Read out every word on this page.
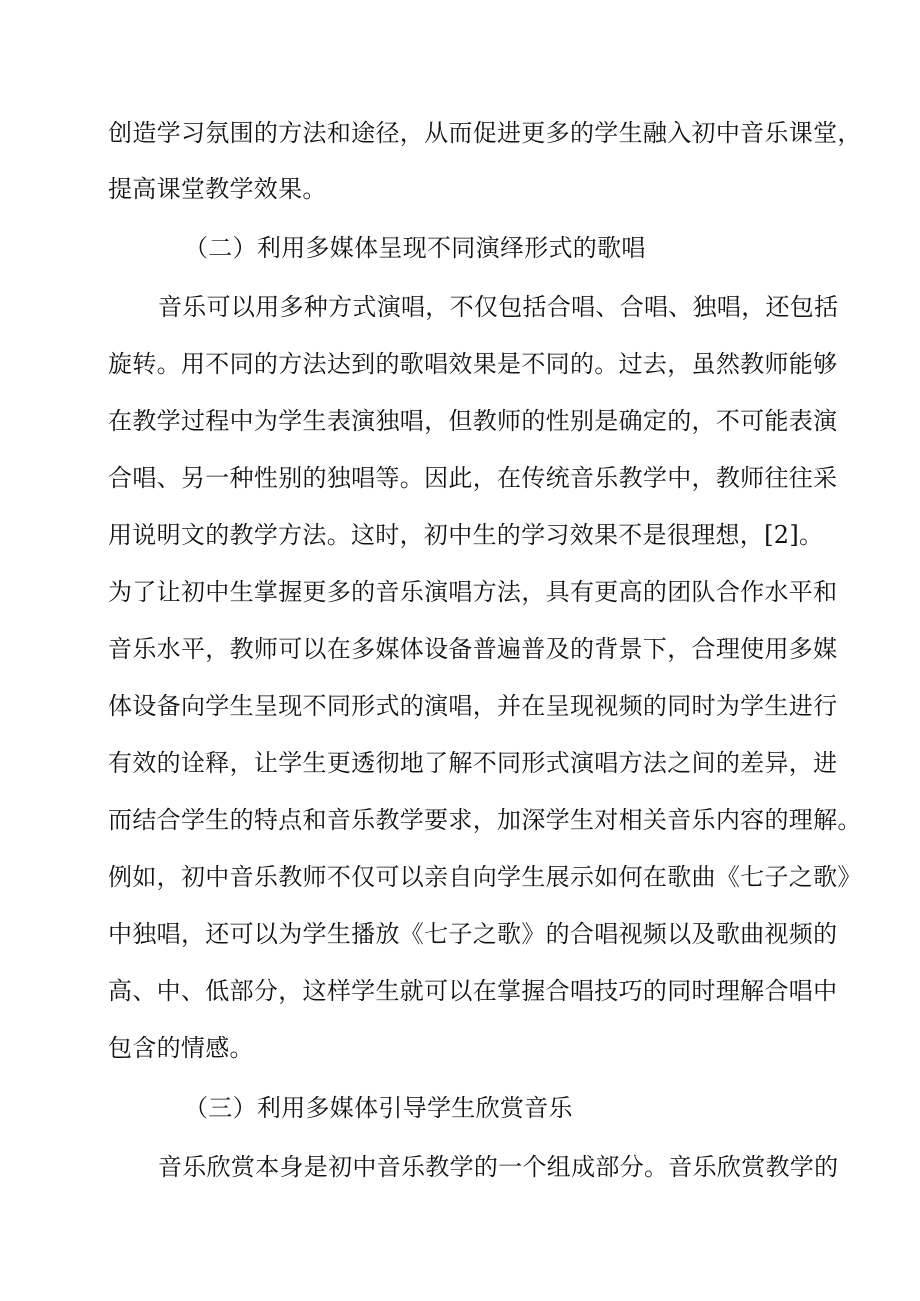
创 造 学 习 氛 围 的 方 法 和 途 径 ， 从 而 促 进 更 多 的 学 生 融 入 初 中 音 乐 课 堂 ，
提高课堂教学效果。
（二）利用多媒体呈现不同演绎形式的歌唱
音乐可以用多种方式演唱，不仅包括合唱、合唱、独唱，还包括
旋 转 。 用 不 同 的 方 法 达 到 的 歌 唱 效 果 是 不 同 的 。 过 去 ， 虽 然 教 师 能 够
在 教 学 过 程 中 为 学 生 表 演 独 唱 ， 但 教 师 的 性 别 是 确 定 的 ， 不 可 能 表 演
合 唱 、 另 一 种 性 别 的 独 唱 等 。 因 此 ， 在 传 统 音 乐 教 学 中 ， 教 师 往 往 采
用说明文的教学方法。这时，初中生的学习效果不是很理想，[2]。
为 了 让 初 中 生 掌 握 更 多 的 音 乐 演 唱 方 法 ， 具 有 更 高 的 团 队 合 作 水 平 和
音 乐 水 平 ， 教 师 可 以 在 多 媒 体 设 备 普 遍 普 及 的 背 景 下 ， 合 理 使 用 多 媒
体 设 备 向 学 生 呈 现 不 同 形 式 的 演 唱 ， 并 在 呈 现 视 频 的 同 时 为 学 生 进 行
有 效 的 诠 释 ， 让 学 生 更 透 彻 地 了 解 不 同 形 式 演 唱 方 法 之 间 的 差 异 ， 进
而 结 合 学 生 的 特 点 和 音 乐 教 学 要 求 ， 加 深 学 生 对 相 关 音 乐 内 容 的 理 解 。
例 如 ， 初 中 音 乐 教 师 不 仅 可 以 亲 自 向 学 生 展 示 如 何 在 歌 曲 《 七 子 之 歌 》
中 独 唱 ， 还 可 以 为 学 生 播 放 《 七 子 之 歌 》 的 合 唱 视 频 以 及 歌 曲 视 频 的
高 、 中 、 低 部 分 ， 这 样 学 生 就 可 以 在 掌 握 合 唱 技 巧 的 同 时 理 解 合 唱 中
包含的情感。
（三）利用多媒体引导学生欣赏音乐
音乐欣赏本身是初中音乐教学的一个组成部分。音乐欣赏教学的
